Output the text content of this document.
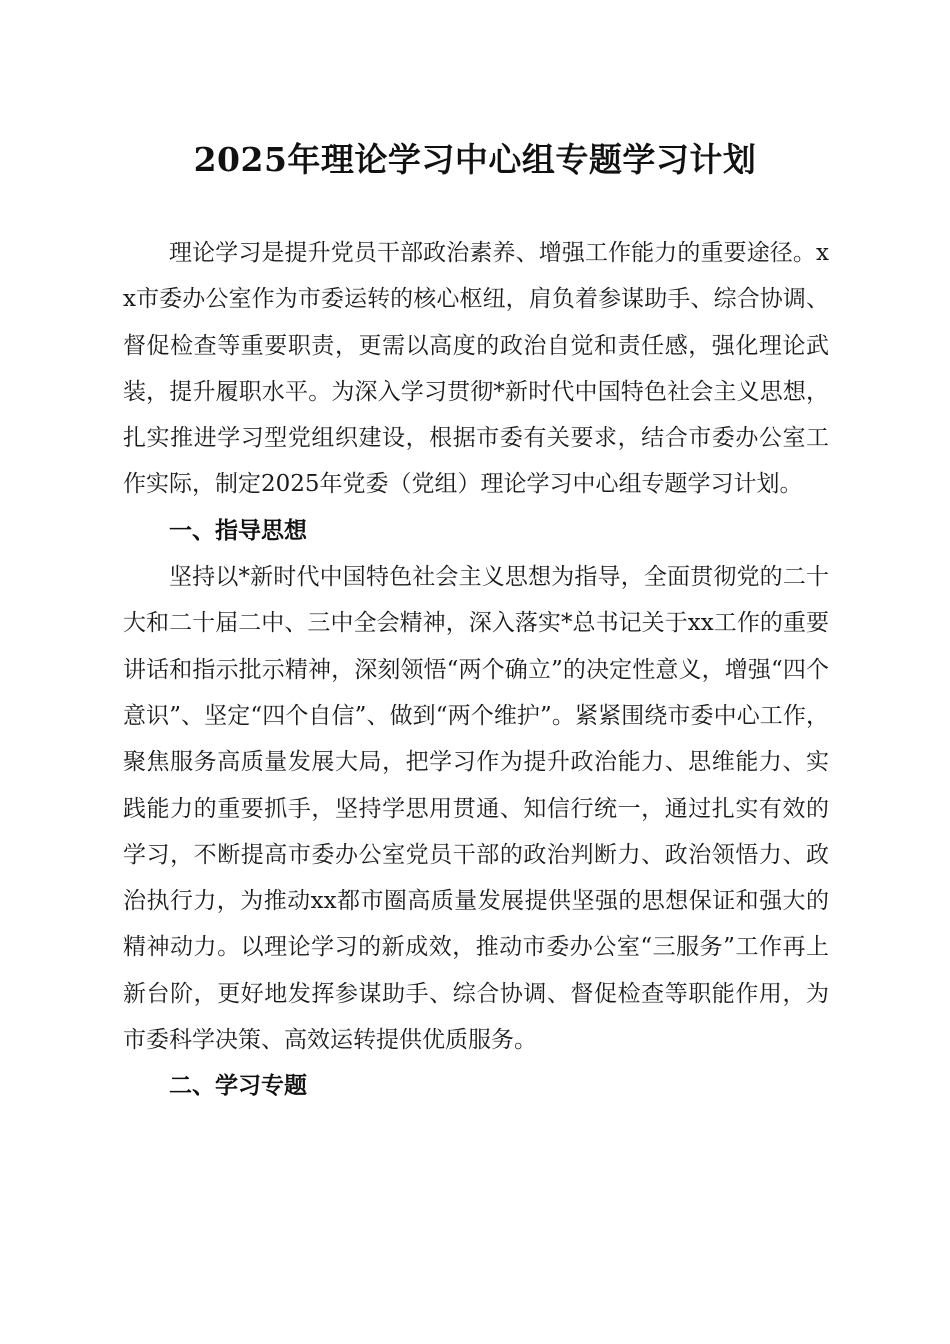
2025年理论学习中心组专题学习计划

理论学习是提升党员干部政治素养、增强工作能力的重要途径。xx市委办公室作为市委运转的核心枢纽，肩负着参谋助手、综合协调、督促检查等重要职责，更需以高度的政治自觉和责任感，强化理论武装，提升履职水平。为深入学习贯彻*新时代中国特色社会主义思想，扎实推进学习型党组织建设，根据市委有关要求，结合市委办公室工作实际，制定2025年党委（党组）理论学习中心组专题学习计划。

一、指导思想

坚持以*新时代中国特色社会主义思想为指导，全面贯彻党的二十大和二十届二中、三中全会精神，深入落实*总书记关于xx工作的重要讲话和指示批示精神，深刻领悟“两个确立”的决定性意义，增强“四个意识”、坚定“四个自信”、做到“两个维护”。紧紧围绕市委中心工作，聚焦服务高质量发展大局，把学习作为提升政治能力、思维能力、实践能力的重要抓手，坚持学思用贯通、知信行统一，通过扎实有效的学习，不断提高市委办公室党员干部的政治判断力、政治领悟力、政治执行力，为推动xx都市圈高质量发展提供坚强的思想保证和强大的精神动力。以理论学习的新成效，推动市委办公室“三服务”工作再上新台阶，更好地发挥参谋助手、综合协调、督促检查等职能作用，为市委科学决策、高效运转提供优质服务。

二、学习专题
